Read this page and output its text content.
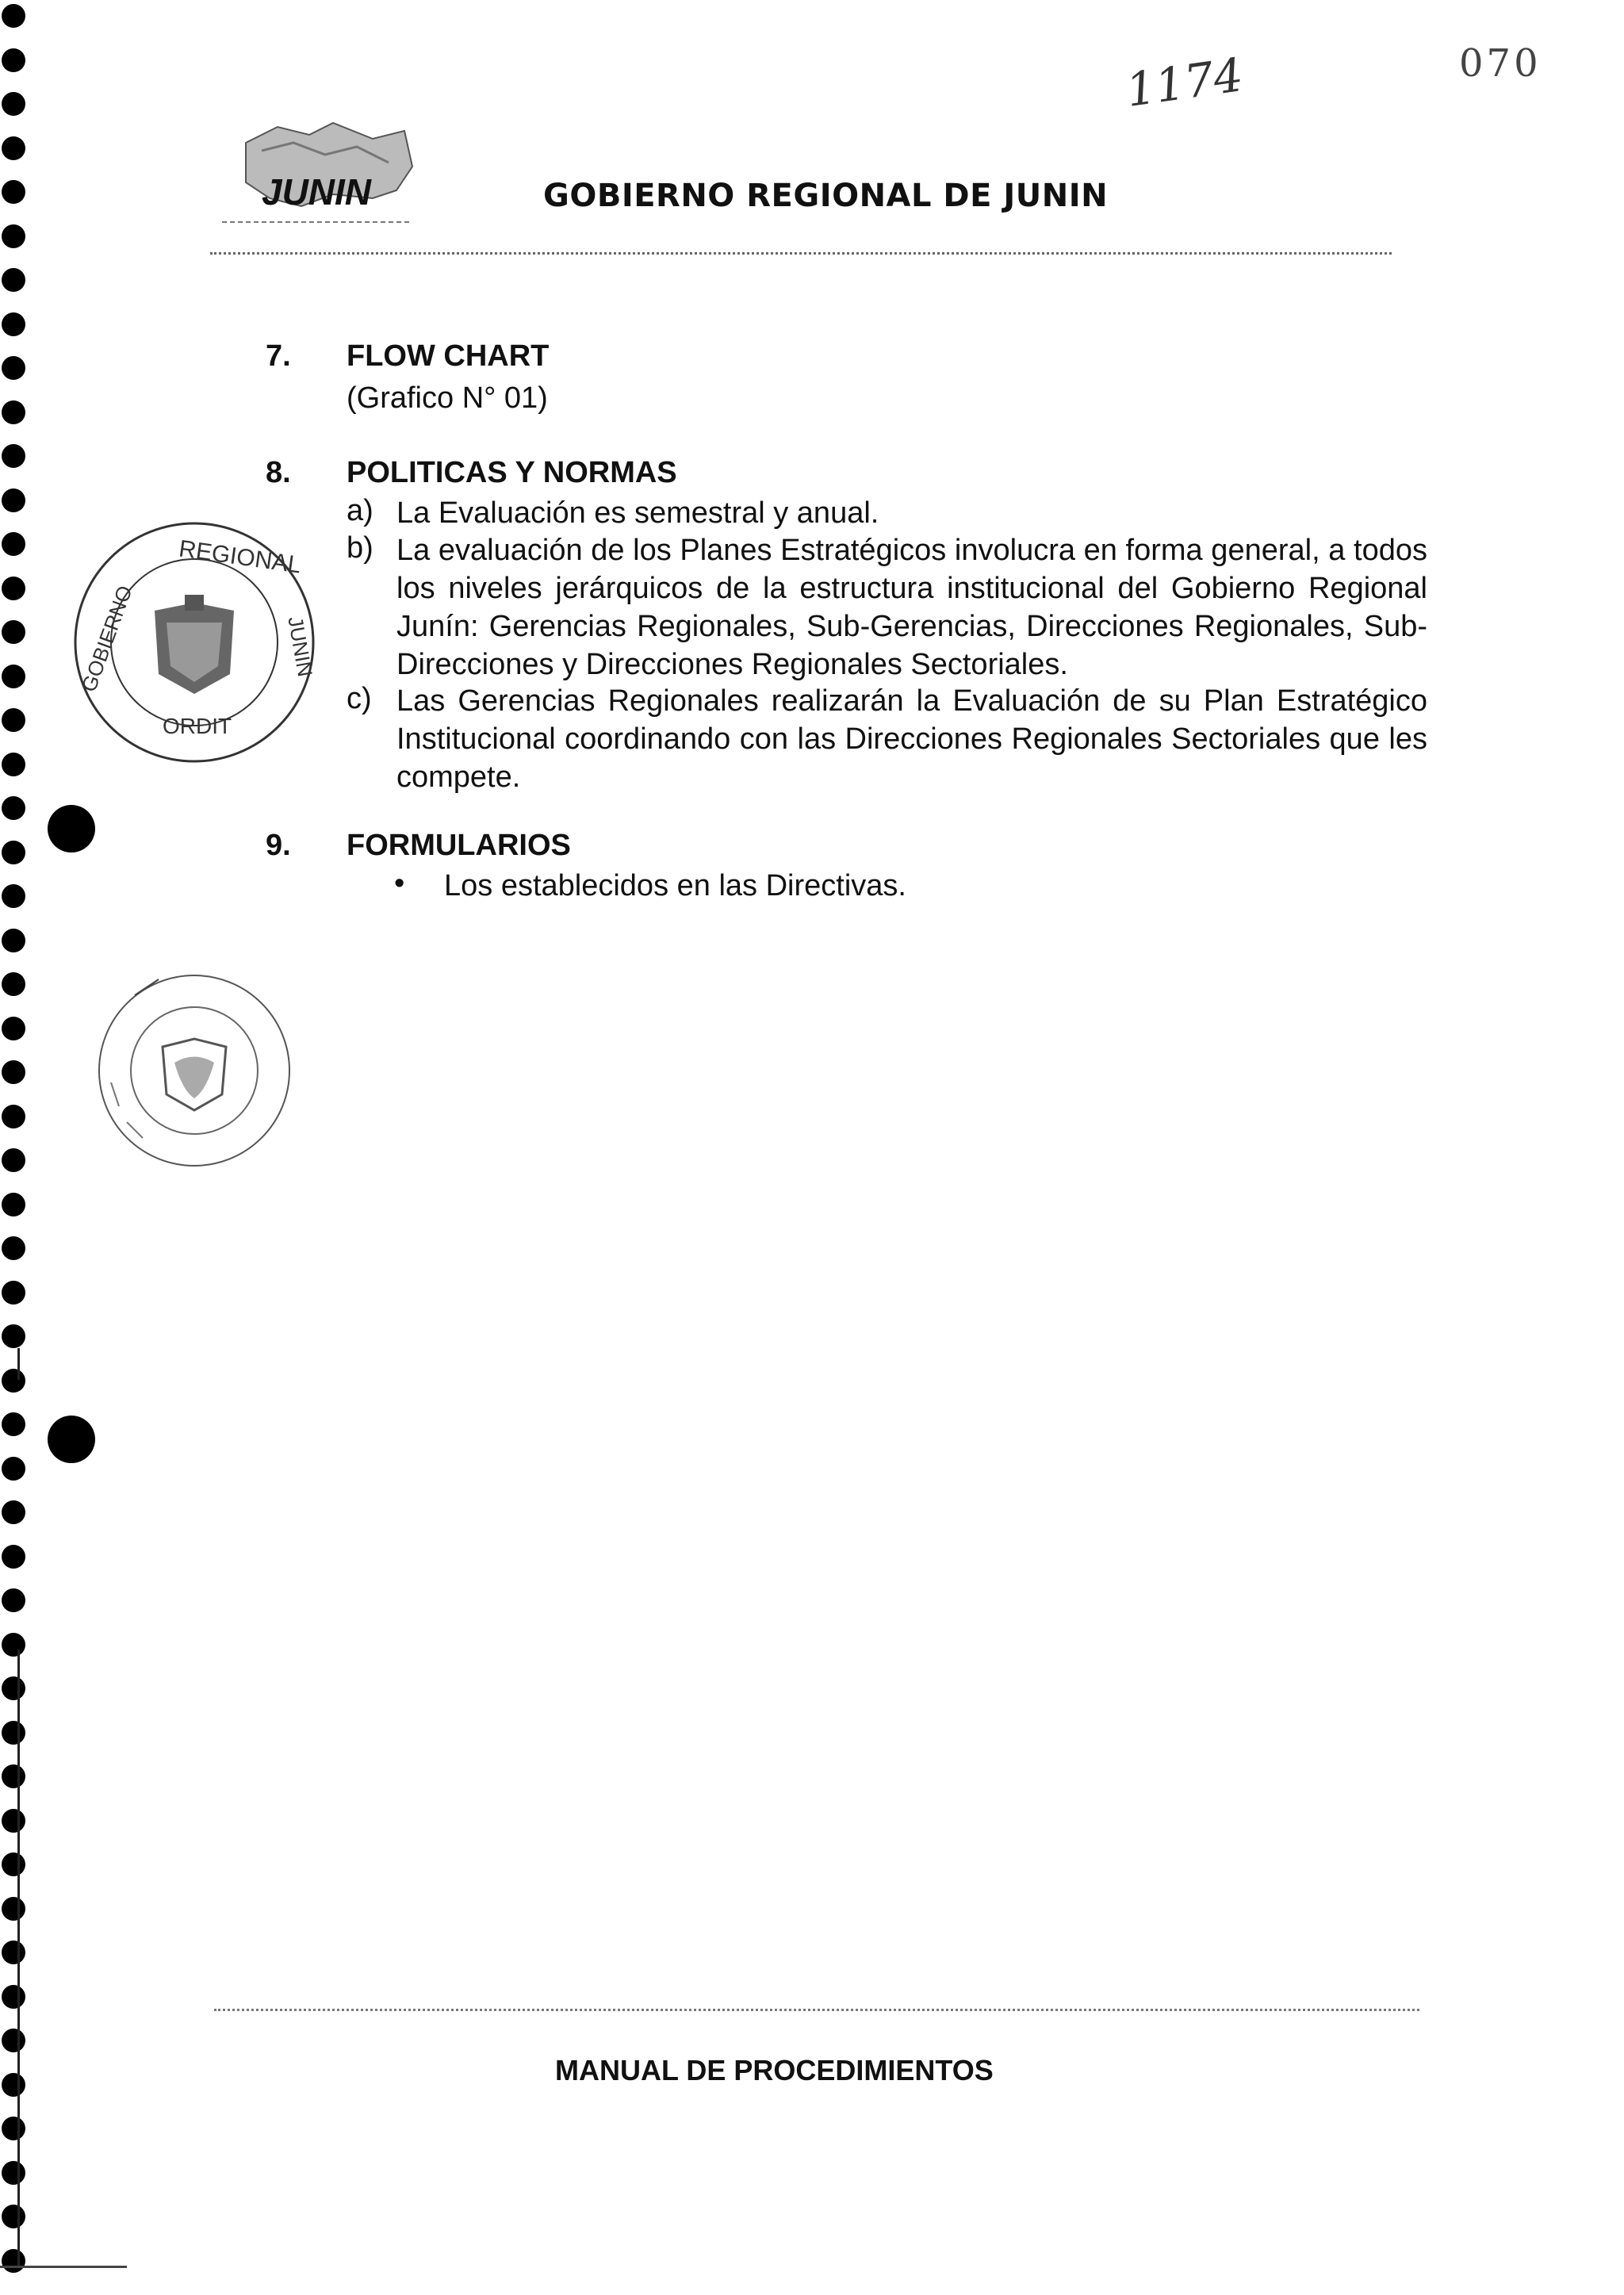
JUNIN	GOBIERNO REGIONAL DE JUNIN
1174	070
7. FLOW CHART
(Grafico N° 01)
8. POLITICAS Y NORMAS
a) La Evaluación es semestral y anual.
b) La evaluación de los Planes Estratégicos involucra en forma general, a todos los niveles jerárquicos de la estructura institucional del Gobierno Regional Junín: Gerencias Regionales, Sub-Gerencias, Direcciones Regionales, Sub-Direcciones y Direcciones Regionales Sectoriales.
c) Las Gerencias Regionales realizarán la Evaluación de su Plan Estratégico Institucional coordinando con las Direcciones Regionales Sectoriales que les compete.
9. FORMULARIOS
• Los establecidos en las Directivas.
REGIONAL
GOBIERNO	JUNIN
ORDIT
MANUAL DE PROCEDIMIENTOS
